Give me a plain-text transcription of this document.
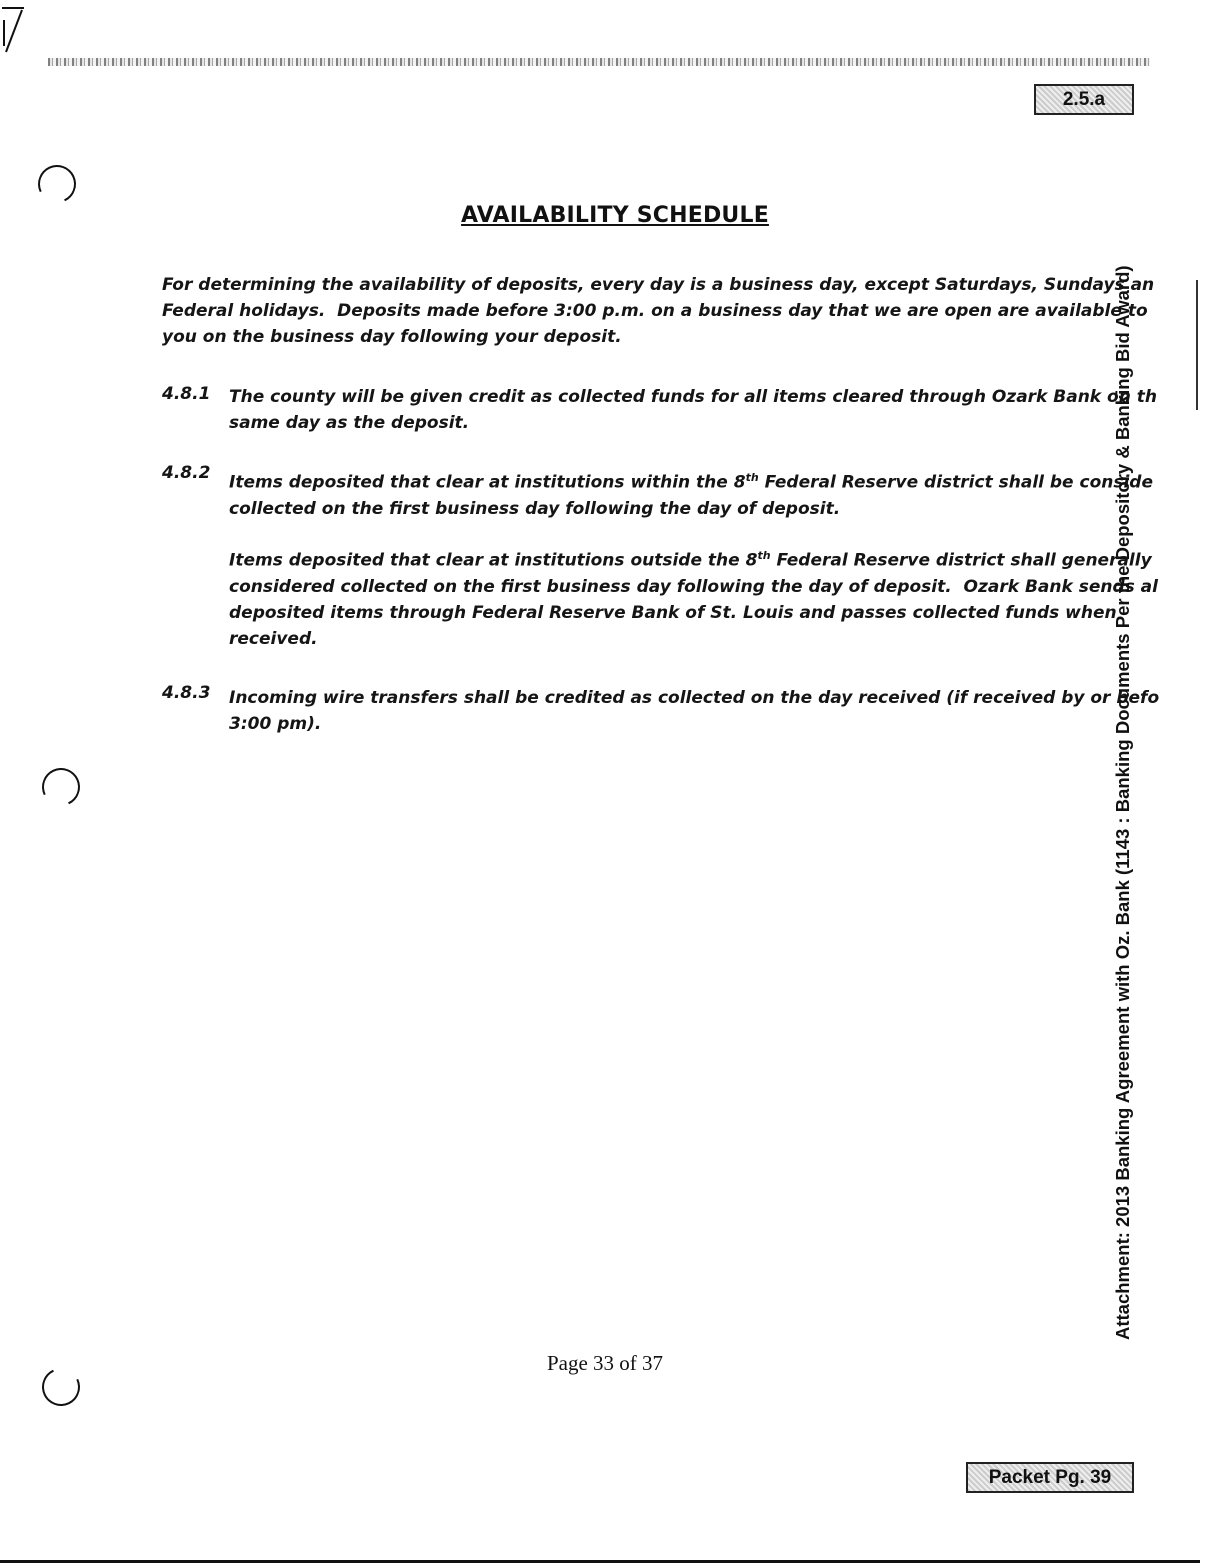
2.5.a
AVAILABILITY SCHEDULE
For determining the availability of deposits, every day is a business day, except Saturdays, Sundays an
Federal holidays.  Deposits made before 3:00 p.m. on a business day that we are open are available to
you on the business day following your deposit.
4.8.1 The county will be given credit as collected funds for all items cleared through Ozark Bank on th
same day as the deposit.
4.8.2 Items deposited that clear at institutions within the 8th Federal Reserve district shall be conside
collected on the first business day following the day of deposit.
Items deposited that clear at institutions outside the 8th Federal Reserve district shall generally
considered collected on the first business day following the day of deposit.  Ozark Bank sends al
deposited items through Federal Reserve Bank of St. Louis and passes collected funds when
received.
4.8.3 Incoming wire transfers shall be credited as collected on the day received (if received by or befo
3:00 pm).	Attachment: 2013 Banking Agreement with Oz. Bank (1143 : Banking Documents Per the Depository & Banking Bid Award)
Page 33 of 37
Packet Pg. 39
